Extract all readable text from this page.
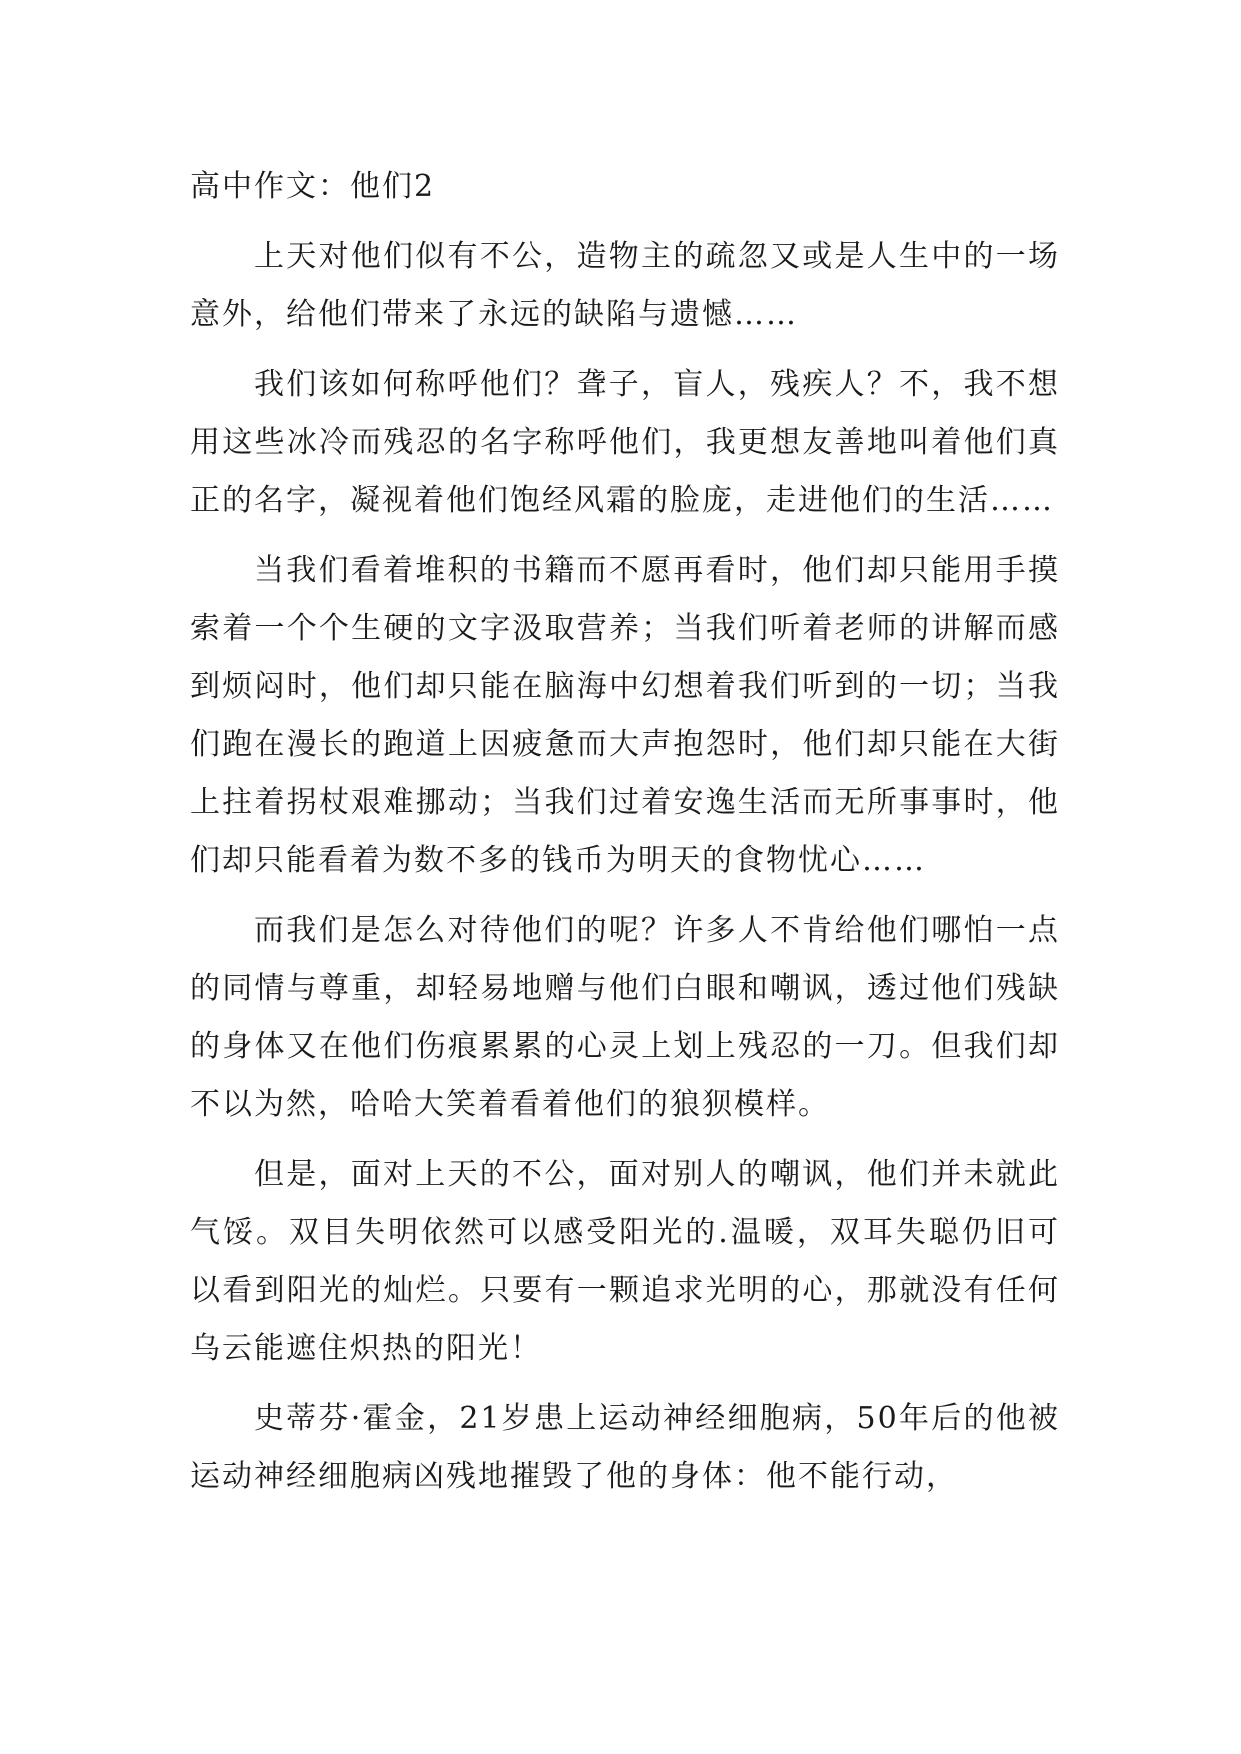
高中作文：他们2

上天对他们似有不公，造物主的疏忽又或是人生中的一场意外，给他们带来了永远的缺陷与遗憾……

我们该如何称呼他们？聋子，盲人，残疾人？不，我不想用这些冰冷而残忍的名字称呼他们，我更想友善地叫着他们真正的名字，凝视着他们饱经风霜的脸庞，走进他们的生活……

当我们看着堆积的书籍而不愿再看时，他们却只能用手摸索着一个个生硬的文字汲取营养；当我们听着老师的讲解而感到烦闷时，他们却只能在脑海中幻想着我们听到的一切；当我们跑在漫长的跑道上因疲惫而大声抱怨时，他们却只能在大街上拄着拐杖艰难挪动；当我们过着安逸生活而无所事事时，他们却只能看着为数不多的钱币为明天的食物忧心……

而我们是怎么对待他们的呢？许多人不肯给他们哪怕一点的同情与尊重，却轻易地赠与他们白眼和嘲讽，透过他们残缺的身体又在他们伤痕累累的心灵上划上残忍的一刀。但我们却不以为然，哈哈大笑着看着他们的狼狈模样。

但是，面对上天的不公，面对别人的嘲讽，他们并未就此气馁。双目失明依然可以感受阳光的.温暖，双耳失聪仍旧可以看到阳光的灿烂。只要有一颗追求光明的心，那就没有任何乌云能遮住炽热的阳光！

史蒂芬·霍金，21岁患上运动神经细胞病，50年后的他被运动神经细胞病凶残地摧毁了他的身体：他不能行动，
